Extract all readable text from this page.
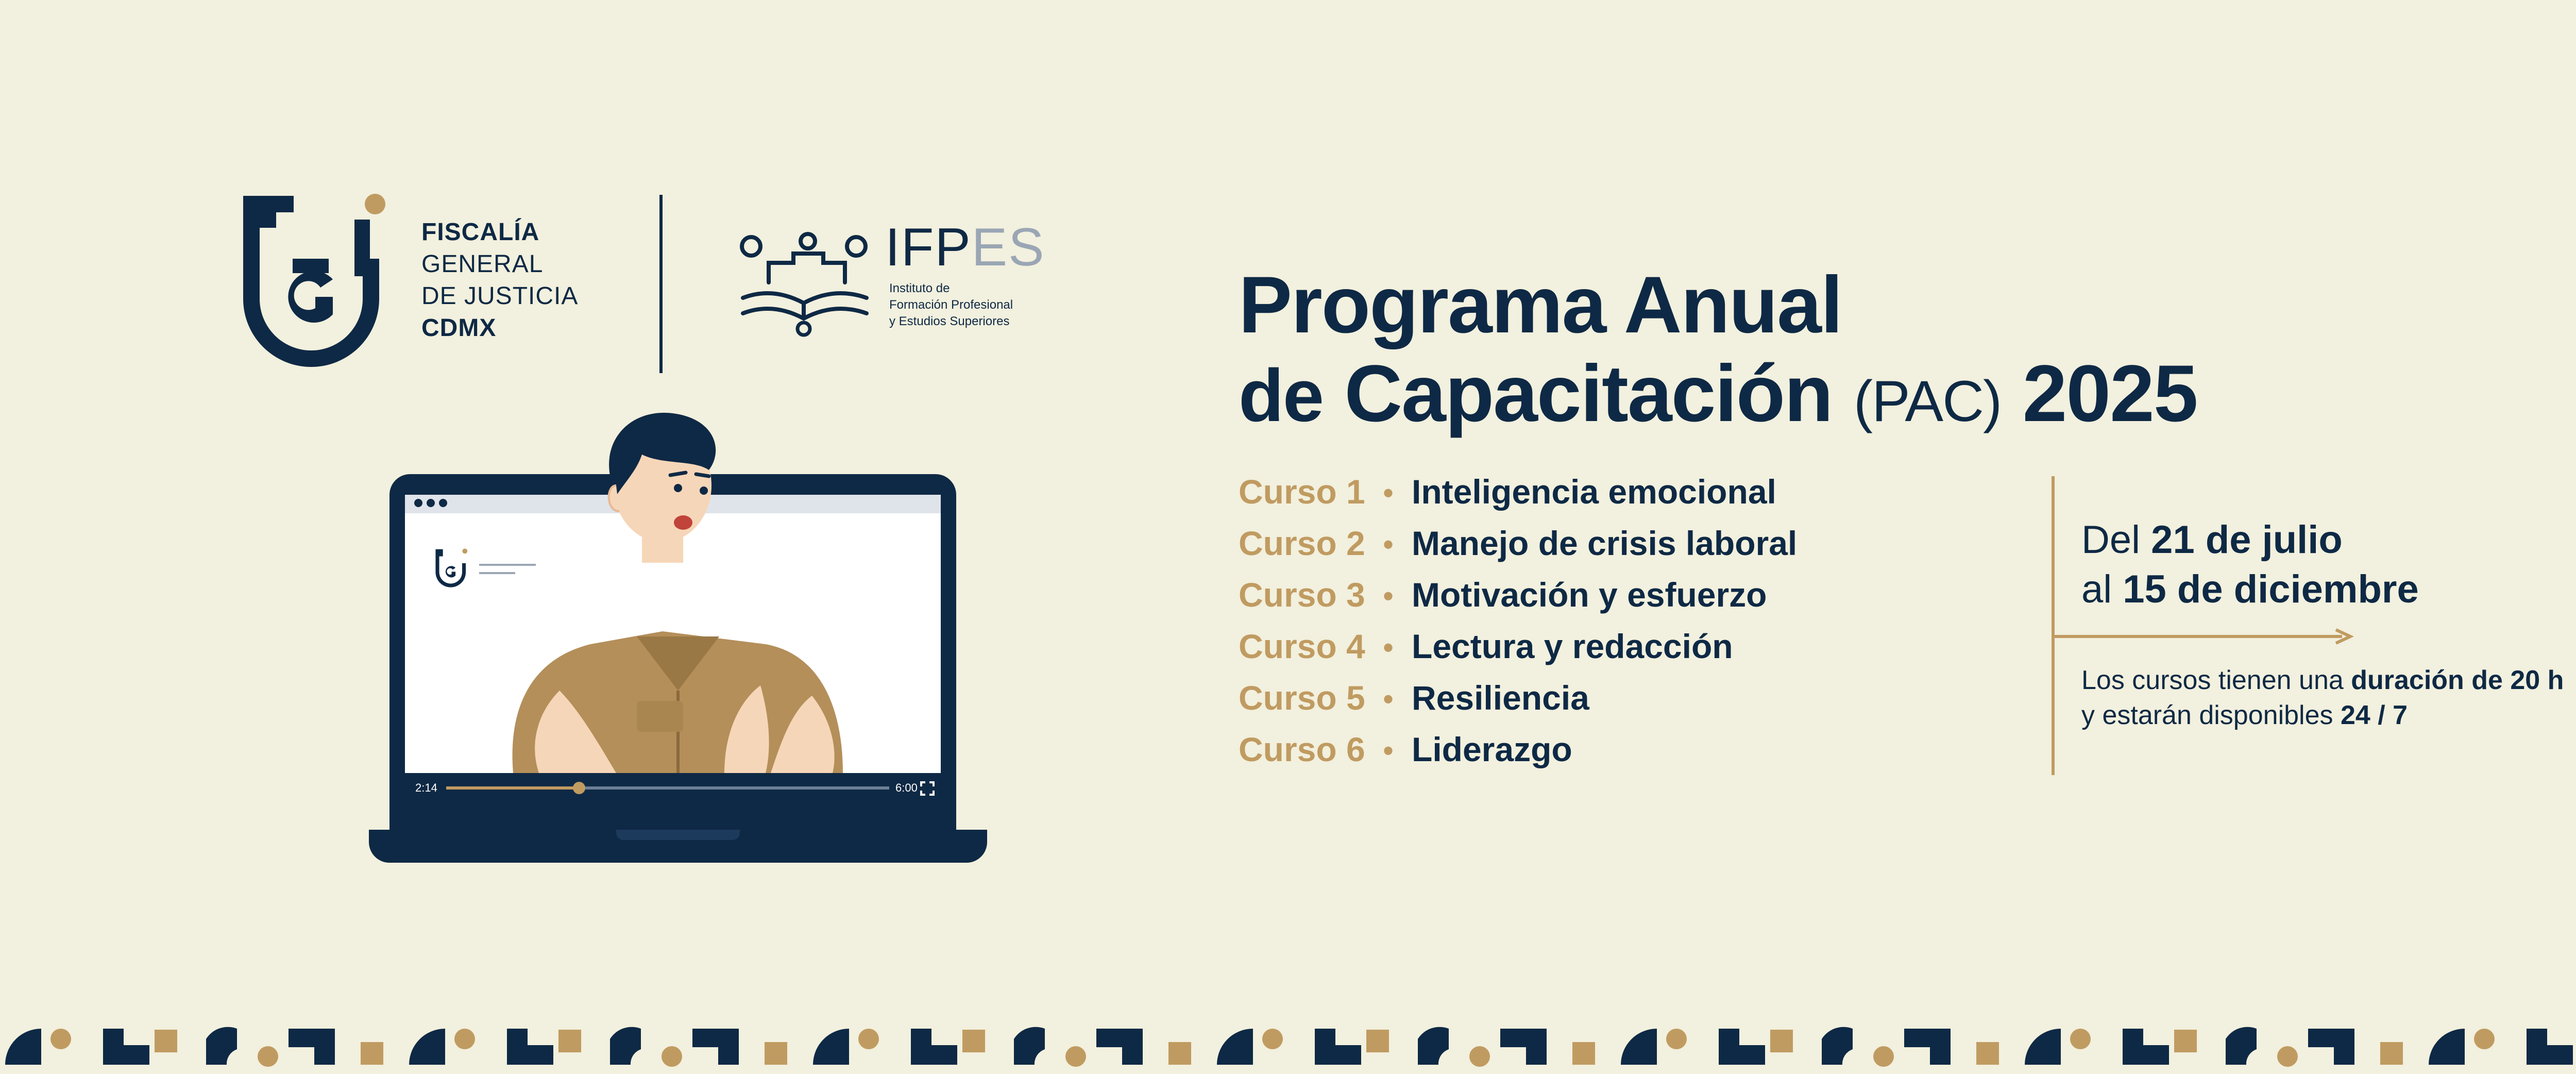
FISCALÍA
GENERAL
DE JUSTICIA
CDMX
IFPES
Instituto de
Formación Profesional
y Estudios Superiores
2:14	6:00
Programa Anual
de Capacitación (PAC) 2025
Curso 1 • Inteligencia emocional
Curso 2 • Manejo de crisis laboral
Curso 3 • Motivación y esfuerzo
Curso 4 • Lectura y redacción
Curso 5 • Resiliencia
Curso 6 • Liderazgo
Del 21 de julio
al 15 de diciembre
Los cursos tienen una duración de 20 h
y estarán disponibles 24 / 7
